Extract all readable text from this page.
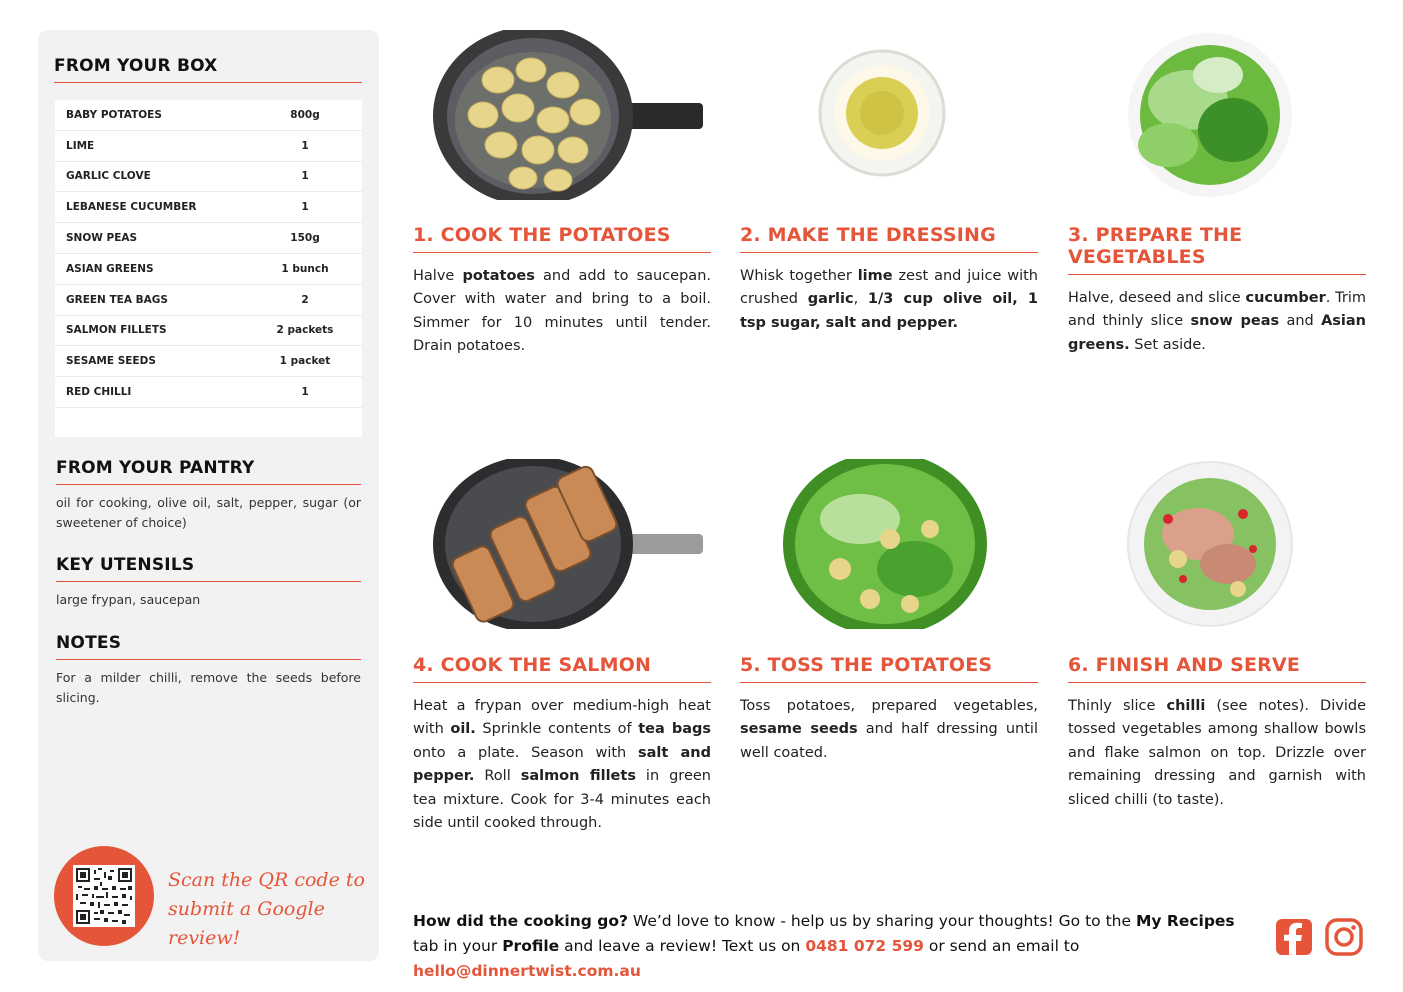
FROM YOUR BOX
BABY POTATOES	800g
LIME	1
GARLIC CLOVE	1
LEBANESE CUCUMBER	1
SNOW PEAS	150g
ASIAN GREENS	1 bunch
GREEN TEA BAGS	2
SALMON FILLETS	2 packets
SESAME SEEDS	1 packet
RED CHILLI	1
FROM YOUR PANTRY
oil for cooking, olive oil, salt, pepper, sugar (or sweetener of choice)
KEY UTENSILS
large frypan, saucepan
NOTES
For a milder chilli, remove the seeds before slicing.
Scan the QR code to
submit a Google review!
1. COOK THE POTATOES
Halve potatoes and add to saucepan. Cover with water and bring to a boil. Simmer for 10 minutes until tender. Drain potatoes.
2. MAKE THE DRESSING
Whisk together lime zest and juice with crushed garlic, 1/3 cup olive oil, 1 tsp sugar, salt and pepper.
3. PREPARE THE VEGETABLES
Halve, deseed and slice cucumber. Trim and thinly slice snow peas and Asian greens. Set aside.
4. COOK THE SALMON
Heat a frypan over medium-high heat with oil. Sprinkle contents of tea bags onto a plate. Season with salt and pepper. Roll salmon fillets in green tea mixture. Cook for 3-4 minutes each side until cooked through.
5. TOSS THE POTATOES
Toss potatoes, prepared vegetables, sesame seeds and half dressing until well coated.
6. FINISH AND SERVE
Thinly slice chilli (see notes). Divide tossed vegetables among shallow bowls and flake salmon on top. Drizzle over remaining dressing and garnish with sliced chilli (to taste).
How did the cooking go? We’d love to know - help us by sharing your thoughts! Go to the My Recipes tab in your Profile and leave a review! Text us on 0481 072 599 or send an email to hello@dinnertwist.com.au
